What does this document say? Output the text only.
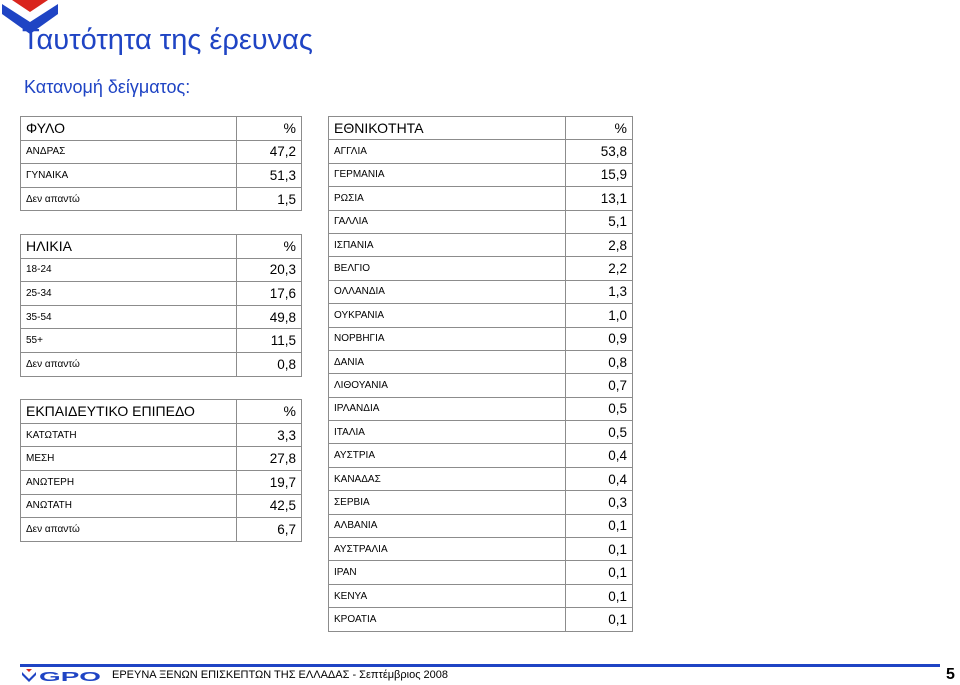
Ταυτότητα της έρευνας
Κατανομή δείγματος:
ΦΥΛΟ	%
ΑΝΔΡΑΣ	47,2
ΓΥΝΑΙΚΑ	51,3
Δεν απαντώ	1,5

ΗΛΙΚΙΑ	%
18-24	20,3
25-34	17,6
35-54	49,8
55+	11,5
Δεν απαντώ	0,8

ΕΚΠΑΙΔΕΥΤΙΚΟ ΕΠΙΠΕΔΟ	%
ΚΑΤΩΤΑΤΗ	3,3
ΜΕΣΗ	27,8
ΑΝΩΤΕΡΗ	19,7
ΑΝΩΤΑΤΗ	42,5
Δεν απαντώ	6,7
ΕΘΝΙΚΟΤΗΤΑ	%
ΑΓΓΛΙΑ	53,8
ΓΕΡΜΑΝΙΑ	15,9
ΡΩΣΙΑ	13,1
ΓΑΛΛΙΑ	5,1
ΙΣΠΑΝΙΑ	2,8
ΒΕΛΓΙΟ	2,2
ΟΛΛΑΝΔΙΑ	1,3
ΟΥΚΡΑΝΙΑ	1,0
ΝΟΡΒΗΓΙΑ	0,9
ΔΑΝΙΑ	0,8
ΛΙΘΟΥΑΝΙΑ	0,7
ΙΡΛΑΝΔΙΑ	0,5
ΙΤΑΛΙΑ	0,5
ΑΥΣΤΡΙΑ	0,4
ΚΑΝΑΔΑΣ	0,4
ΣΕΡΒΙΑ	0,3
ΑΛΒΑΝΙΑ	0,1
ΑΥΣΤΡΑΛΙΑ	0,1
ΙΡΑΝ	0,1
ΚΕΝΥΑ	0,1
ΚΡΟΑΤΙΑ	0,1
GPO ΕΡΕΥΝΑ ΞΕΝΩΝ ΕΠΙΣΚΕΠΤΩΝ ΤΗΣ ΕΛΛΑΔΑΣ - Σεπτέμβριος 2008	5
